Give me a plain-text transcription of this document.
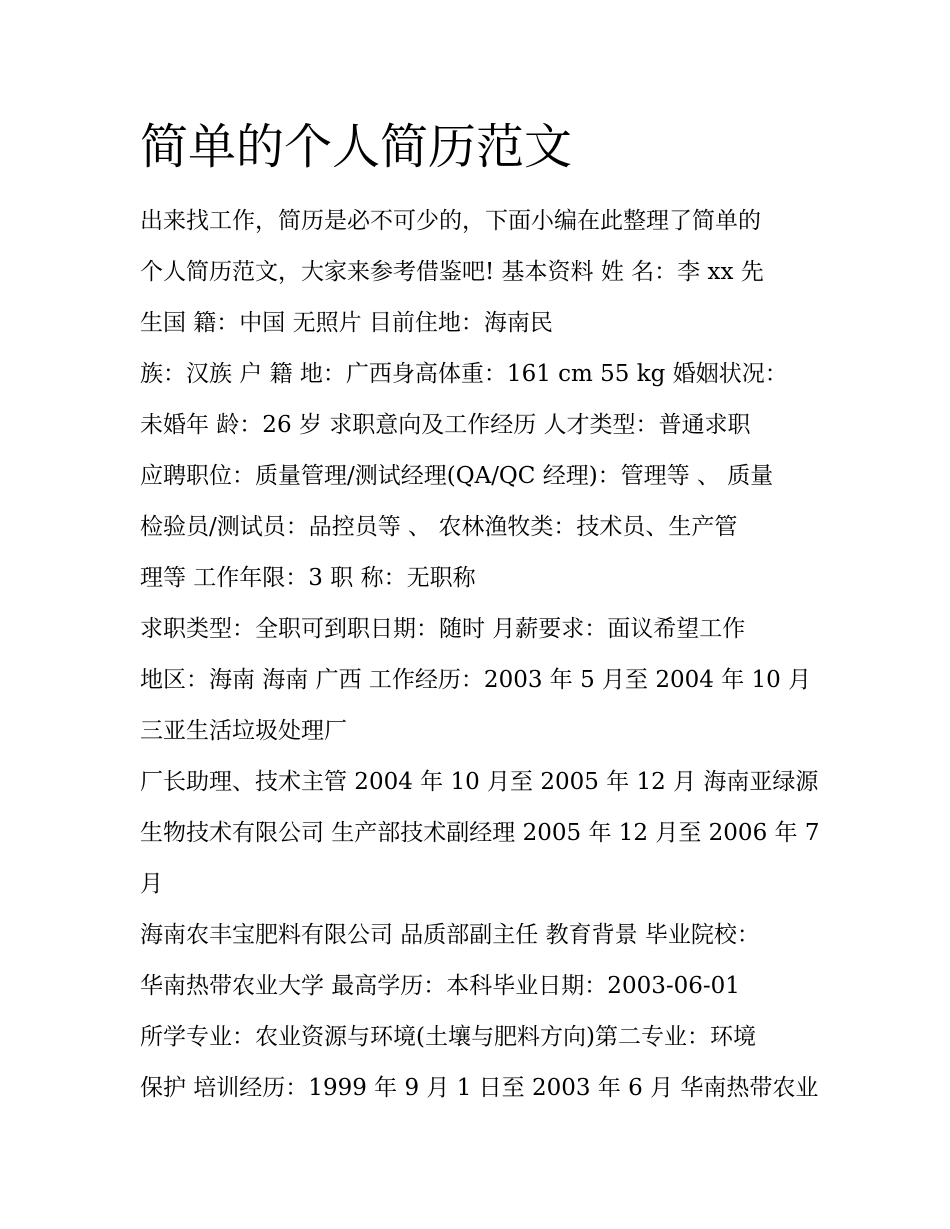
简单的个人简历范文
出来找工作，简历是必不可少的，下面小编在此整理了简单的
个人简历范文，大家来参考借鉴吧! 基本资料 姓 名：李 xx 先
生国 籍：中国 无照片 目前住地：海南民
族：汉族 户 籍 地：广西身高体重：161 cm 55 kg 婚姻状况：
未婚年 龄：26 岁 求职意向及工作经历 人才类型：普通求职
应聘职位：质量管理/测试经理(QA/QC 经理)：管理等 、 质量
检验员/测试员：品控员等 、 农林渔牧类：技术员、生产管
理等 工作年限：3 职 称：无职称
求职类型：全职可到职日期：随时 月薪要求：面议希望工作
地区：海南 海南 广西 工作经历：2003 年 5 月至 2004 年 10 月
三亚生活垃圾处理厂
厂长助理、技术主管 2004 年 10 月至 2005 年 12 月 海南亚绿源
生物技术有限公司 生产部技术副经理 2005 年 12 月至 2006 年 7
月
海南农丰宝肥料有限公司 品质部副主任 教育背景 毕业院校：
华南热带农业大学 最高学历：本科毕业日期：2003-06-01
所学专业：农业资源与环境(土壤与肥料方向)第二专业：环境
保护 培训经历：1999 年 9 月 1 日至 2003 年 6 月 华南热带农业
